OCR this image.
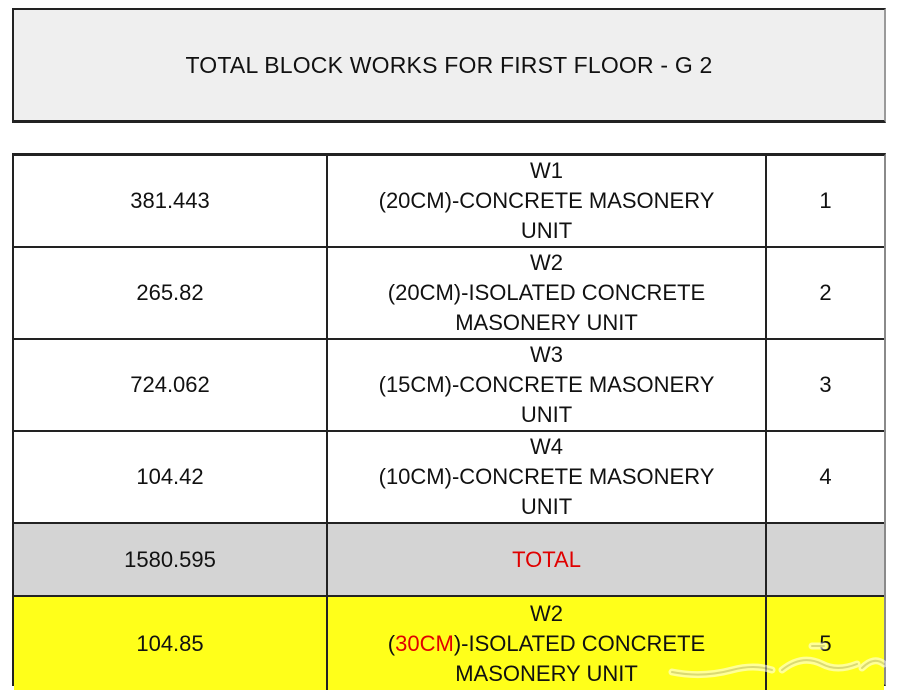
TOTAL BLOCK WORKS FOR FIRST FLOOR - G 2
381.443	W1
(20CM)-CONCRETE MASONERY
UNIT	1
265.82	W2
(20CM)-ISOLATED CONCRETE
MASONERY UNIT	2
724.062	W3
(15CM)-CONCRETE MASONERY
UNIT	3
104.42	W4
(10CM)-CONCRETE MASONERY
UNIT	4
1580.595	TOTAL	
104.85	W2
(30CM)-ISOLATED CONCRETE
MASONERY UNIT	5
